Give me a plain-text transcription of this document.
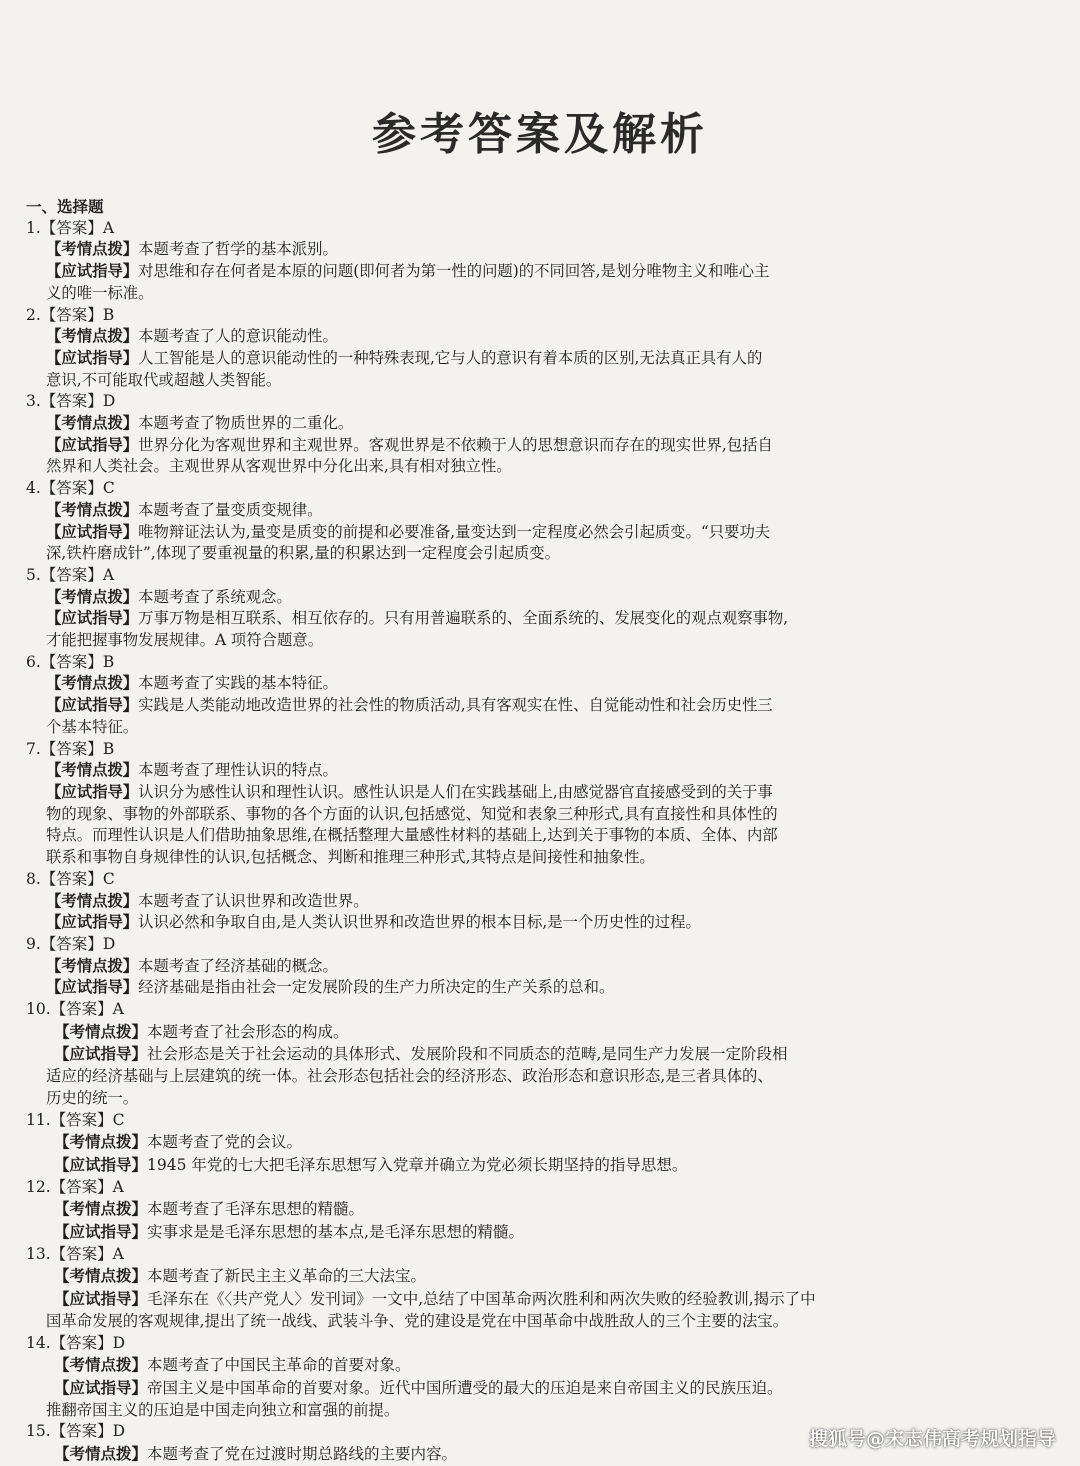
参考答案及解析
一、选择题
1. 【答案】 A
【考情点拨】本题考查了哲学的基本派别。
【应试指导】对思维和存在何者是本原的问题(即何者为第一性的问题)的不同回答,是划分唯物主义和唯心主
义的唯一标准。
2. 【答案】 B
【考情点拨】本题考查了人的意识能动性。
【应试指导】人工智能是人的意识能动性的一种特殊表现,它与人的意识有着本质的区别,无法真正具有人的
意识,不可能取代或超越人类智能。
3. 【答案】 D
【考情点拨】本题考查了物质世界的二重化。
【应试指导】世界分化为客观世界和主观世界。客观世界是不依赖于人的思想意识而存在的现实世界,包括自
然界和人类社会。主观世界从客观世界中分化出来,具有相对独立性。
4. 【答案】 C
【考情点拨】本题考查了量变质变规律。
【应试指导】唯物辩证法认为,量变是质变的前提和必要准备,量变达到一定程度必然会引起质变。“只要功夫
深,铁杵磨成针”,体现了要重视量的积累,量的积累达到一定程度会引起质变。
5. 【答案】 A
【考情点拨】本题考查了系统观念。
【应试指导】万事万物是相互联系、相互依存的。只有用普遍联系的、全面系统的、发展变化的观点观察事物,
才能把握事物发展规律。A 项符合题意。
6. 【答案】 B
【考情点拨】本题考查了实践的基本特征。
【应试指导】实践是人类能动地改造世界的社会性的物质活动,具有客观实在性、自觉能动性和社会历史性三
个基本特征。
7. 【答案】 B
【考情点拨】本题考查了理性认识的特点。
【应试指导】认识分为感性认识和理性认识。感性认识是人们在实践基础上,由感觉器官直接感受到的关于事
物的现象、事物的外部联系、事物的各个方面的认识,包括感觉、知觉和表象三种形式,具有直接性和具体性的
特点。而理性认识是人们借助抽象思维,在概括整理大量感性材料的基础上,达到关于事物的本质、全体、内部
联系和事物自身规律性的认识,包括概念、判断和推理三种形式,其特点是间接性和抽象性。
8. 【答案】 C
【考情点拨】本题考查了认识世界和改造世界。
【应试指导】认识必然和争取自由,是人类认识世界和改造世界的根本目标,是一个历史性的过程。
9. 【答案】 D
【考情点拨】本题考查了经济基础的概念。
【应试指导】经济基础是指由社会一定发展阶段的生产力所决定的生产关系的总和。
10. 【答案】 A
【考情点拨】本题考查了社会形态的构成。
【应试指导】社会形态是关于社会运动的具体形式、发展阶段和不同质态的范畴,是同生产力发展一定阶段相
适应的经济基础与上层建筑的统一体。社会形态包括社会的经济形态、政治形态和意识形态,是三者具体的、
历史的统一。
11. 【答案】 C
【考情点拨】本题考查了党的会议。
【应试指导】1945 年党的七大把毛泽东思想写入党章并确立为党必须长期坚持的指导思想。
12. 【答案】 A
【考情点拨】本题考查了毛泽东思想的精髓。
【应试指导】实事求是是毛泽东思想的基本点,是毛泽东思想的精髓。
13. 【答案】 A
【考情点拨】本题考查了新民主主义革命的三大法宝。
【应试指导】毛泽东在《〈共产党人〉发刊词》一文中,总结了中国革命两次胜利和两次失败的经验教训,揭示了中
国革命发展的客观规律,提出了统一战线、武装斗争、党的建设是党在中国革命中战胜敌人的三个主要的法宝。
14. 【答案】 D
【考情点拨】本题考查了中国民主革命的首要对象。
【应试指导】帝国主义是中国革命的首要对象。近代中国所遭受的最大的压迫是来自帝国主义的民族压迫。
推翻帝国主义的压迫是中国走向独立和富强的前提。
15. 【答案】 D
【考情点拨】本题考查了党在过渡时期总路线的主要内容。
搜狐号@宋志伟高考规划指导
